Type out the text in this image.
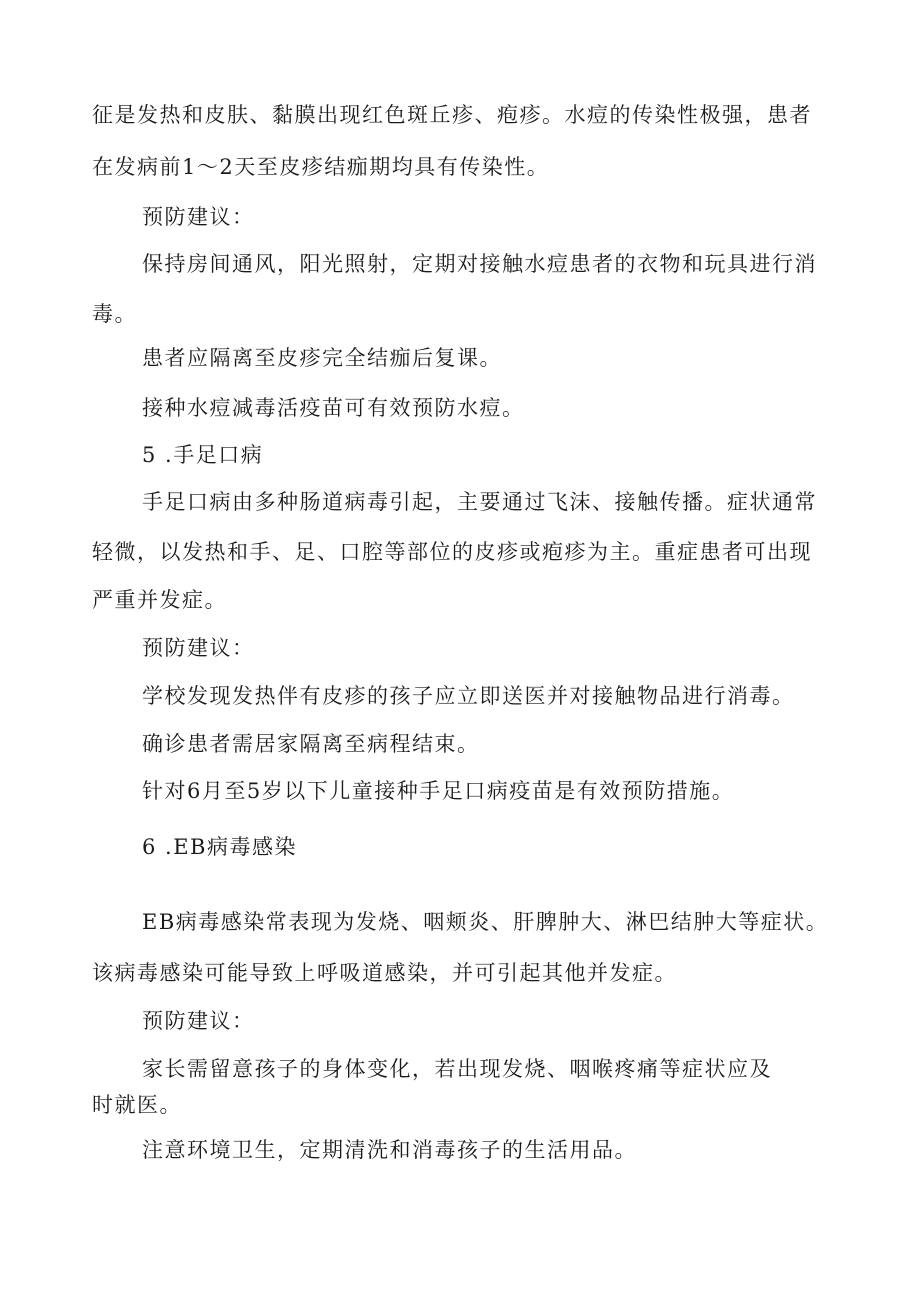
征是发热和皮肤、黏膜出现红色斑丘疹、疱疹。水痘的传染性极强，患者
在发病前1～2天至皮疹结痂期均具有传染性。
预防建议：
保持房间通风，阳光照射，定期对接触水痘患者的衣物和玩具进行消
毒。
患者应隔离至皮疹完全结痂后复课。
接种水痘减毒活疫苗可有效预防水痘。
5 .手足口病
手足口病由多种肠道病毒引起，主要通过飞沫、接触传播。症状通常
轻微，以发热和手、足、口腔等部位的皮疹或疱疹为主。重症患者可出现
严重并发症。
预防建议：
学校发现发热伴有皮疹的孩子应立即送医并对接触物品进行消毒。
确诊患者需居家隔离至病程结束。
针对6月至5岁以下儿童接种手足口病疫苗是有效预防措施。
6 .EB病毒感染
EB病毒感染常表现为发烧、咽颊炎、肝脾肿大、淋巴结肿大等症状。
该病毒感染可能导致上呼吸道感染，并可引起其他并发症。
预防建议：
家长需留意孩子的身体变化，若出现发烧、咽喉疼痛等症状应及
时就医。
注意环境卫生，定期清洗和消毒孩子的生活用品。
